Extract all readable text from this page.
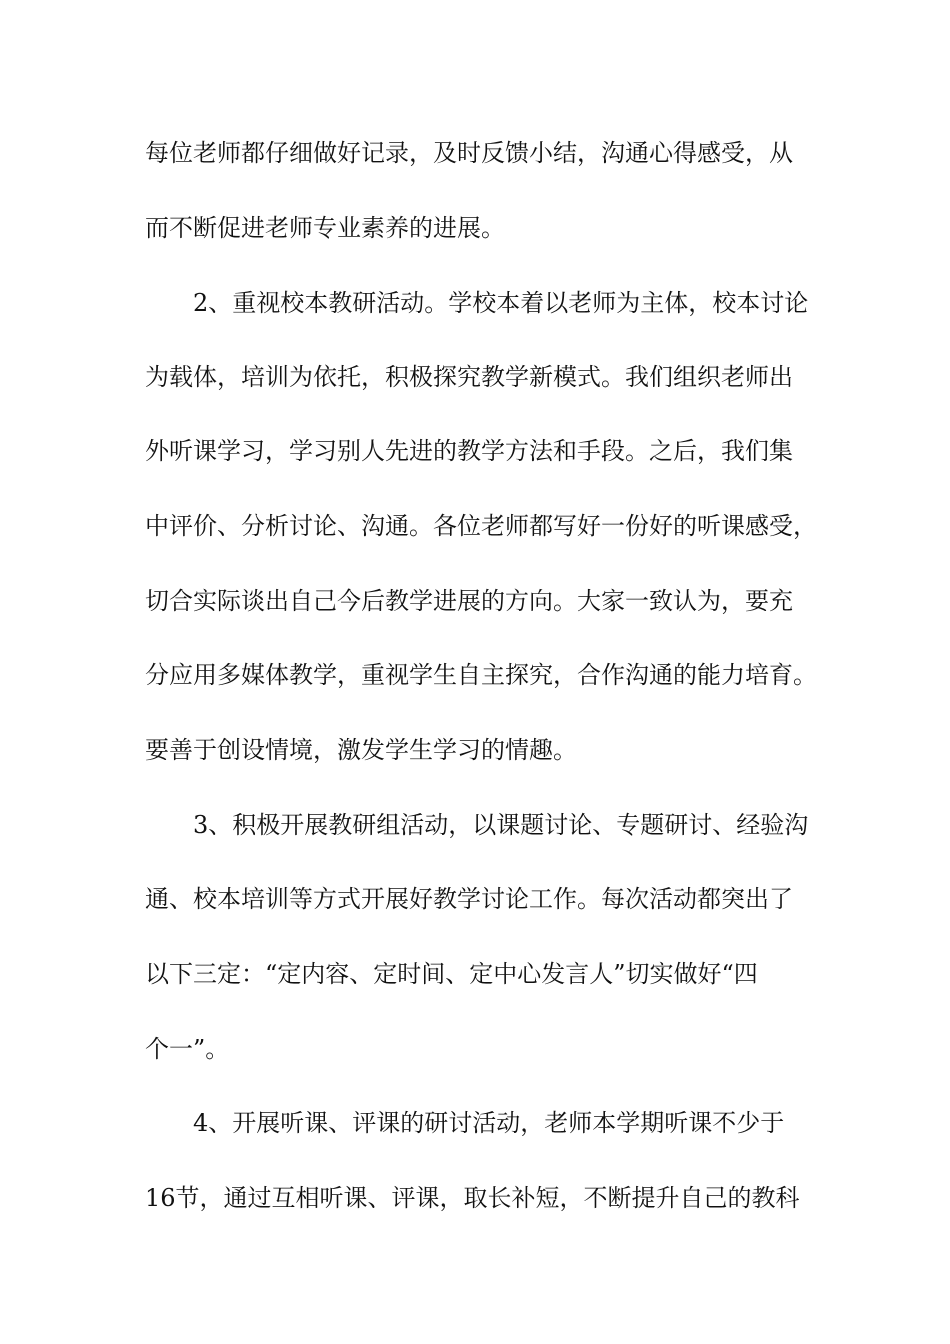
每位老师都仔细做好记录，及时反馈小结，沟通心得感受，从
而不断促进老师专业素养的进展。
2、重视校本教研活动。学校本着以老师为主体，校本讨论
为载体，培训为依托，积极探究教学新模式。我们组织老师出
外听课学习，学习别人先进的教学方法和手段。之后，我们集
中评价、分析讨论、沟通。各位老师都写好一份好的听课感受，
切合实际谈出自己今后教学进展的方向。大家一致认为，要充
分应用多媒体教学，重视学生自主探究，合作沟通的能力培育。
要善于创设情境，激发学生学习的情趣。
3、积极开展教研组活动，以课题讨论、专题研讨、经验沟
通、校本培训等方式开展好教学讨论工作。每次活动都突出了
以下三定：“定内容、定时间、定中心发言人”切实做好“四
个一”。
4、开展听课、评课的研讨活动，老师本学期听课不少于
16节，通过互相听课、评课，取长补短，不断提升自己的教科
